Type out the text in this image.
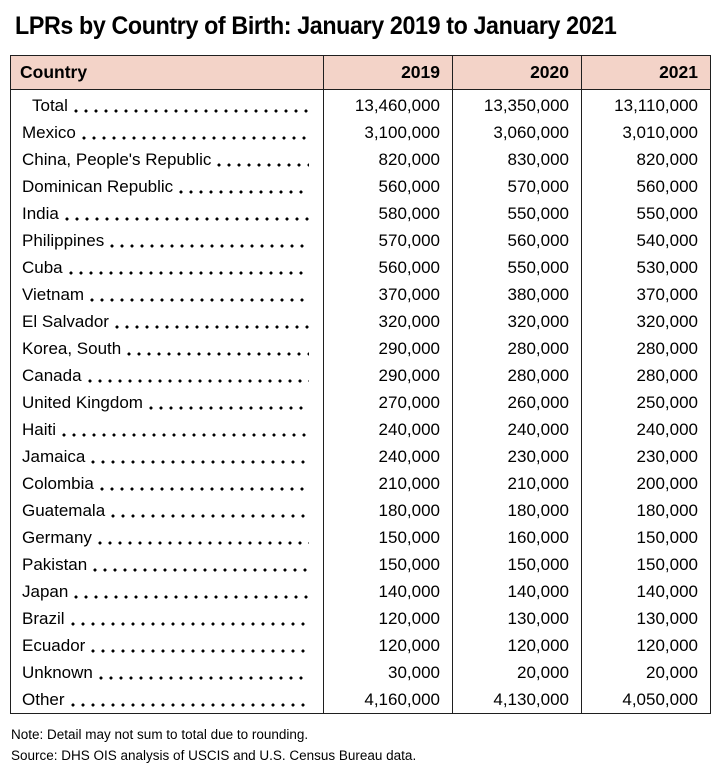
LPRs by Country of Birth: January 2019 to January 2021
Country	2019	2020	2021

Total	13,460,000	13,350,000	13,110,000

Mexico	3,100,000	3,060,000	3,010,000

China, People's Republic	820,000	830,000	820,000

Dominican Republic	560,000	570,000	560,000

India	580,000	550,000	550,000

Philippines	570,000	560,000	540,000

Cuba	560,000	550,000	530,000

Vietnam	370,000	380,000	370,000

El Salvador	320,000	320,000	320,000

Korea, South	290,000	280,000	280,000

Canada	290,000	280,000	280,000

United Kingdom	270,000	260,000	250,000

Haiti	240,000	240,000	240,000

Jamaica	240,000	230,000	230,000

Colombia	210,000	210,000	200,000

Guatemala	180,000	180,000	180,000

Germany	150,000	160,000	150,000

Pakistan	150,000	150,000	150,000

Japan	140,000	140,000	140,000

Brazil	120,000	130,000	130,000

Ecuador	120,000	120,000	120,000

Unknown	30,000	20,000	20,000

Other	4,160,000	4,130,000	4,050,000
Note: Detail may not sum to total due to rounding.
Source: DHS OIS analysis of USCIS and U.S. Census Bureau data.
